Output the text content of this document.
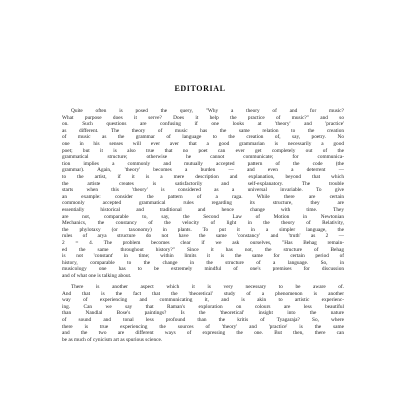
EDITORIAL
Quite often is posed the query, "Why a theory of and for music?
What purpose does it serve? Does it help the practice of music?" and so
on. Such questions are confusing if one looks at 'theory' and 'practice'
as different. The theory of music has the same relation to the creation
of music as the grammar of language to the creation of, say, poetry. No
one in his senses will ever aver that a good grammarian is necessarily a good
poet; but it is also true that no poet can ever get completely out of the
grammatical structure; otherwise he cannot communicate; for communica-
tion implies a commonly and mutually accepted pattern of the code (the
grammar). Again, 'theory' becomes a burden — and even a deterrent —
to the artist, if it is a mere description and explanation, beyond that which
the artiste creates is satisfactorily and self-explanatory. The trouble
starts when this 'theory' is considered as a universal invariable. To give
an example: consider the pattern of a raga. While there are certain
commonly accepted grammatical rules regarding its structure, they are
essentially historical and traditional and hence change with time. They
are not, comparable to, say, the Second Law of Motion in Newtonian
Mechanics, the constancy of the velocity of light in the theory of Relativity,
the phylotaxy (or taxonomy) in plants. To put it in a simpler language, the
rules of arya structure do not have the same 'constancy' and 'truth' as 2 —
2 = 4. The problem becomes clear if we ask ourselves, "Has Behag remain-
ed the same throughout history?" Since it has not, the structure of Behag
is not 'constant' in time; within limits it is the same for certain period of
history, comparable to the change in the structure of a language. So, in
musicology one has to be extremely mindful of one's premises for discussion
and of what one is talking about.
There is another aspect which it is very necessary to be aware of.
And that is the fact that the 'theoretical' study of a phenomenon is another
way of experiencing and communicating it, and is akin to artistic experienc-
ing. Can we say that Raman's exploration on colours are less beautiful
than Nandlal Bose's paintings? Is the 'theoretical' insight into the nature
of sound and tonal less profound than the kritis of Tyagaraja? So, where
there is true experiencing the sources of 'theory' and 'practice' is the same
and the two are different ways of expressing the one. But then, there can
be as much of cynicism art as spurious science.
